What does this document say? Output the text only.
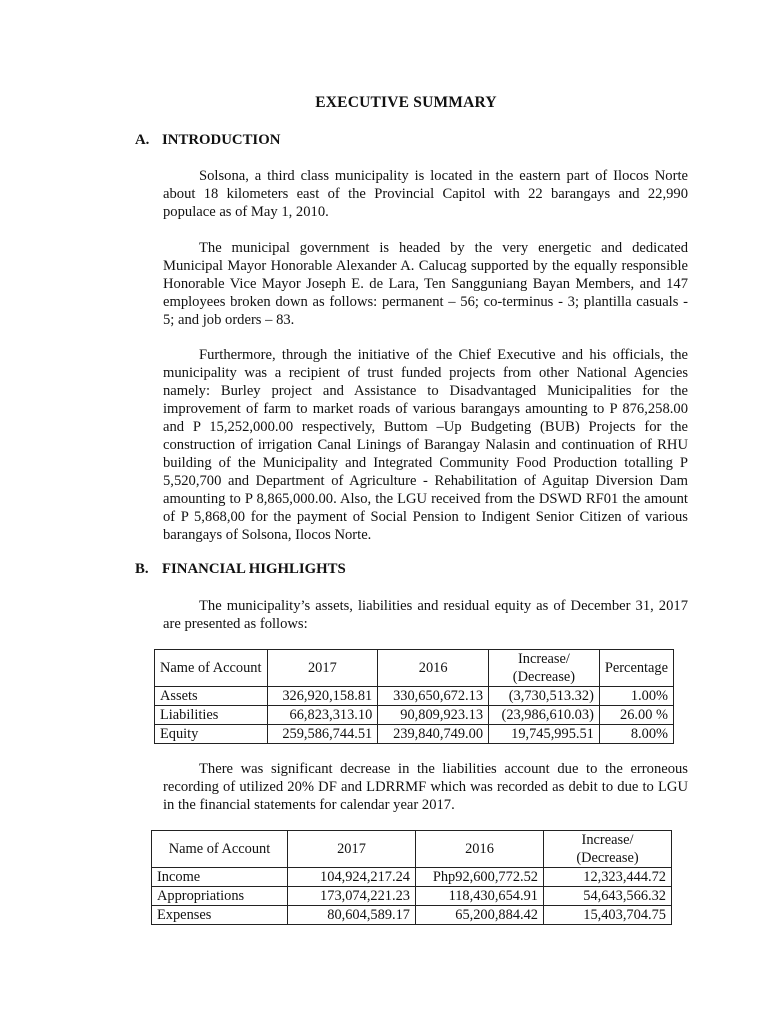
EXECUTIVE SUMMARY
A. INTRODUCTION

Solsona, a third class municipality is located in the eastern part of Ilocos Norte about 18 kilometers east of the Provincial Capitol with 22 barangays and 22,990 populace as of May 1, 2010.

The municipal government is headed by the very energetic and dedicated Municipal Mayor Honorable Alexander A. Calucag supported by the equally responsible Honorable Vice Mayor Joseph E. de Lara, Ten Sangguniang Bayan Members, and 147 employees broken down as follows: permanent – 56; co-terminus - 3; plantilla casuals - 5; and job orders – 83.

Furthermore, through the initiative of the Chief Executive and his officials, the municipality was a recipient of trust funded projects from other National Agencies namely: Burley project and Assistance to Disadvantaged Municipalities for the improvement of farm to market roads of various barangays amounting to P 876,258.00 and P 15,252,000.00 respectively, Buttom –Up Budgeting (BUB) Projects for the construction of irrigation Canal Linings of Barangay Nalasin and continuation of RHU building of the Municipality and Integrated Community Food Production totalling P 5,520,700 and Department of Agriculture - Rehabilitation of Aguitap Diversion Dam amounting to P 8,865,000.00. Also, the LGU received from the DSWD RF01 the amount of P 5,868,00 for the payment of Social Pension to Indigent Senior Citizen of various barangays of Solsona, Ilocos Norte.

B. FINANCIAL HIGHLIGHTS

The municipality’s assets, liabilities and residual equity as of December 31, 2017 are presented as follows:

Name of Account	2017	2016	Increase/ (Decrease)	Percentage
Assets	326,920,158.81	330,650,672.13	(3,730,513.32)	1.00%
Liabilities	66,823,313.10	90,809,923.13	(23,986,610.03)	26.00 %
Equity	259,586,744.51	239,840,749.00	19,745,995.51	8.00%

There was significant decrease in the liabilities account due to the erroneous recording of utilized 20% DF and LDRRMF which was recorded as debit to due to LGU in the financial statements for calendar year 2017.

Name of Account	2017	2016	Increase/ (Decrease)
Income	104,924,217.24	Php92,600,772.52	12,323,444.72
Appropriations	173,074,221.23	118,430,654.91	54,643,566.32
Expenses	80,604,589.17	65,200,884.42	15,403,704.75
